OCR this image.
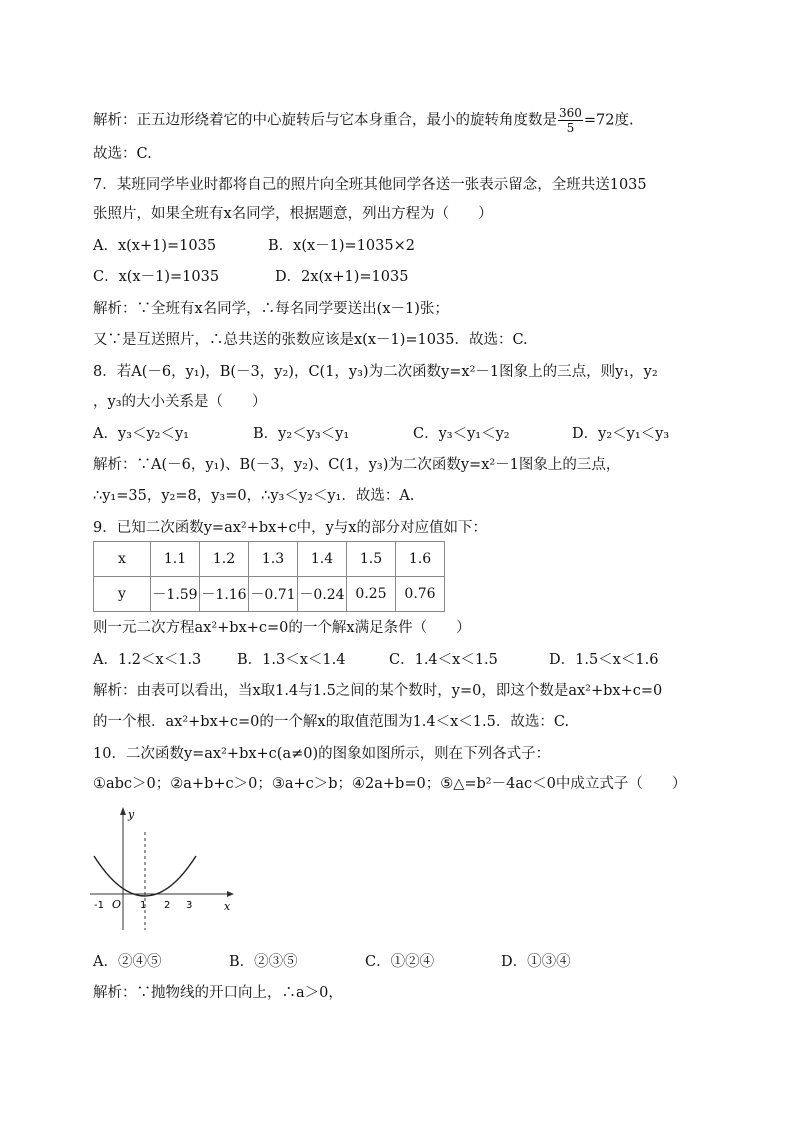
解析：正五边形绕着它的中心旋转后与它本身重合，最小的旋转角度数是 $\frac{360}{5} =72$度.
故选：C.
7．某班同学毕业时都将自己的照片向全班其他同学各送一张表示留念，全班共送1035
张照片，如果全班有x名同学，根据题意，列出方程为（　　）
A．x(x+1)=1035	B．x(x－1)=1035×2
C．x(x－1)=1035	D．2x(x+1)=1035
解析：∵全班有x名同学，∴每名同学要送出(x－1)张；
又∵是互送照片，∴总共送的张数应该是x(x－1)=1035．故选：C.
8．若A(－6，y₁)，B(－3，y₂)，C(1，y₃)为二次函数y=x²－1图象上的三点，则y₁，y₂
，y₃的大小关系是（　　）
A．y₃＜y₂＜y₁	B．y₂＜y₃＜y₁	C．y₃＜y₁＜y₂	D．y₂＜y₁＜y₃
解析：∵A(－6，y₁)、B(－3，y₂)、C(1，y₃)为二次函数y=x²－1图象上的三点，
∴y₁=35，y₂=8，y₃=0，∴y₃＜y₂＜y₁．故选：A.
9．已知二次函数y=ax²+bx+c中，y与x的部分对应值如下：
x	1.1	1.2	1.3	1.4	1.5	1.6
y	－1.59	－1.16	－0.71	－0.24	0.25	0.76
则一元二次方程ax²+bx+c=0的一个解x满足条件（　　）
A．1.2＜x＜1.3 B．1.3＜x＜1.4	C．1.4＜x＜1.5	D．1.5＜x＜1.6
解析：由表可以看出，当x取1.4与1.5之间的某个数时，y=0，即这个数是ax²+bx+c=0
的一个根．ax²+bx+c=0的一个解x的取值范围为1.4＜x＜1.5．故选：C.
10．二次函数y=ax²+bx+c(a≠0)的图象如图所示，则在下列各式子：
①abc＞0；②a+b+c＞0；③a+c＞b；④2a+b=0；⑤△=b²－4ac＜0中成立式子（　　）
y
x
O
-1	1 2 3
A．②④⑤	B．②③⑤	C．①②④	D．①③④
解析：∵抛物线的开口向上，∴a＞0，
